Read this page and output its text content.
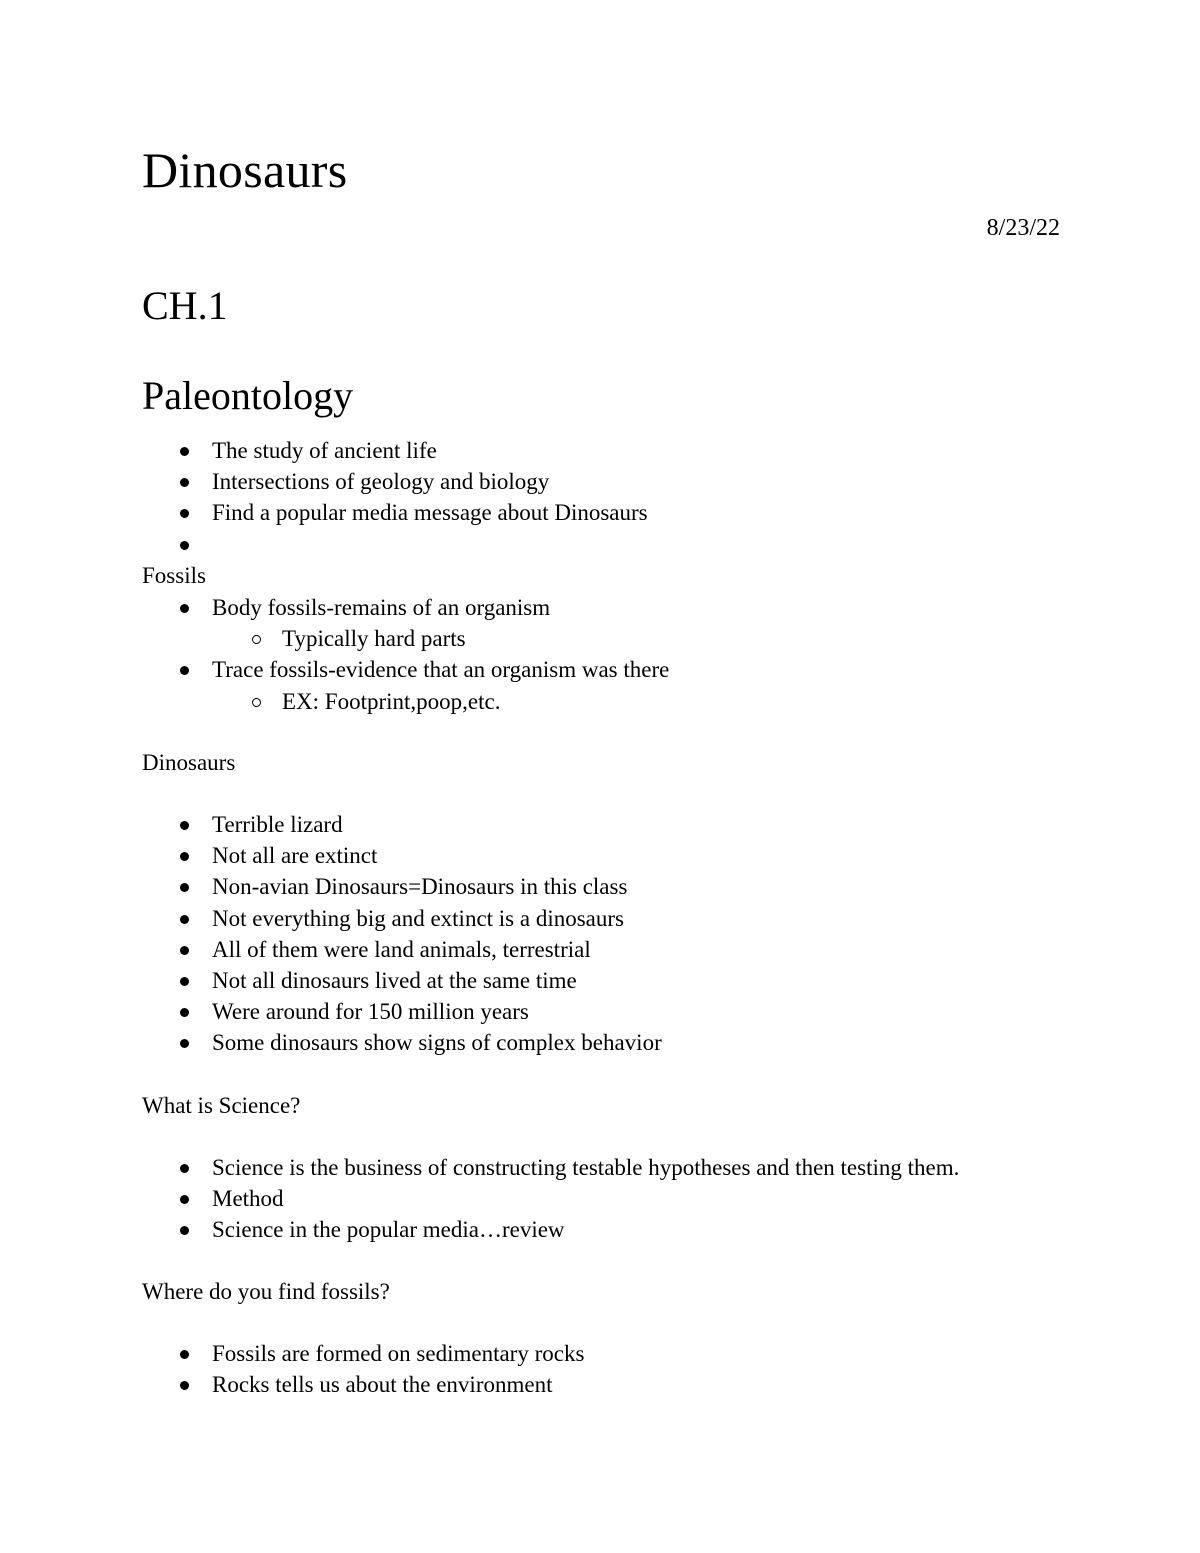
Dinosaurs

8/23/22

CH.1
Paleontology
The study of ancient life
Intersections of geology and biology
Find a popular media message about Dinosaurs

Fossils

Body fossils-remains of an organism
Typically hard parts
Trace fossils-evidence that an organism was there
EX: Footprint,poop,etc.

Dinosaurs

Terrible lizard
Not all are extinct
Non-avian Dinosaurs=Dinosaurs in this class
Not everything big and extinct is a dinosaurs
All of them were land animals, terrestrial
Not all dinosaurs lived at the same time
Were around for 150 million years
Some dinosaurs show signs of complex behavior

What is Science?

Science is the business of constructing testable hypotheses and then testing them.
Method
Science in the popular media…review

Where do you find fossils?

Fossils are formed on sedimentary rocks
Rocks tells us about the environment
